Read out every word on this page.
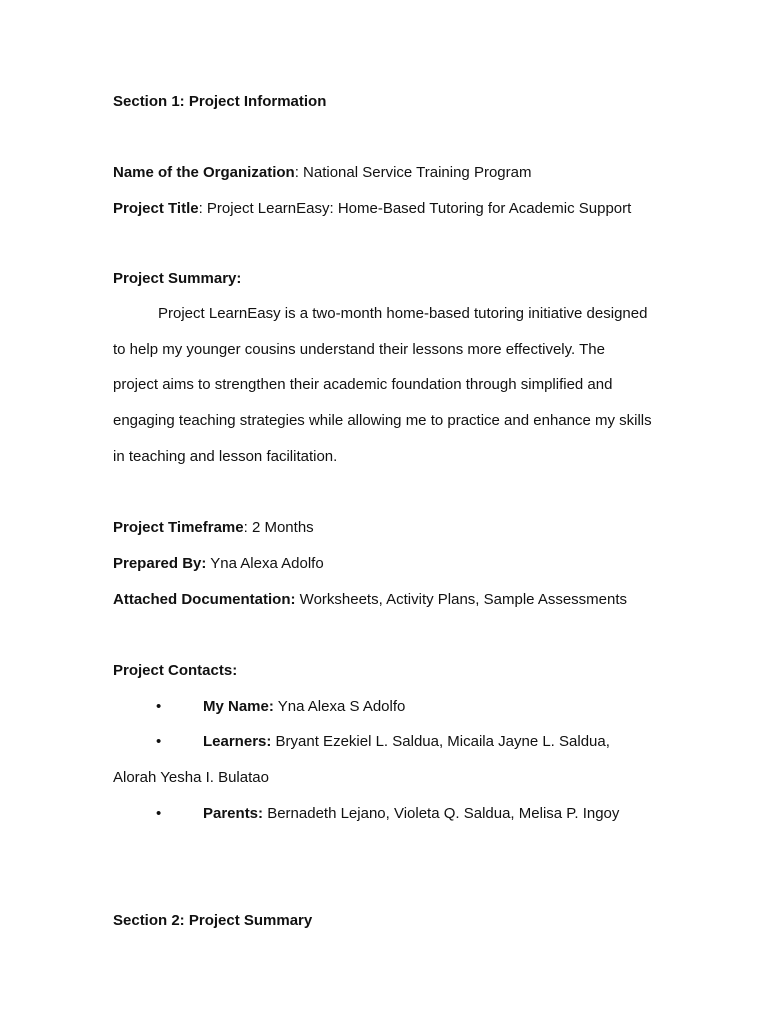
Section 1: Project Information
Name of the Organization: National Service Training Program
Project Title: Project LearnEasy: Home-Based Tutoring for Academic Support
Project Summary:
Project LearnEasy is a two-month home-based tutoring initiative designed
to help my younger cousins understand their lessons more effectively. The
project aims to strengthen their academic foundation through simplified and
engaging teaching strategies while allowing me to practice and enhance my skills
in teaching and lesson facilitation.
Project Timeframe: 2 Months
Prepared By: Yna Alexa Adolfo
Attached Documentation: Worksheets, Activity Plans, Sample Assessments
Project Contacts:
•	My Name: Yna Alexa S Adolfo
•	Learners: Bryant Ezekiel L. Saldua, Micaila Jayne L. Saldua,
Alorah Yesha I. Bulatao
•	Parents: Bernadeth Lejano, Violeta Q. Saldua, Melisa P. Ingoy
Section 2: Project Summary
